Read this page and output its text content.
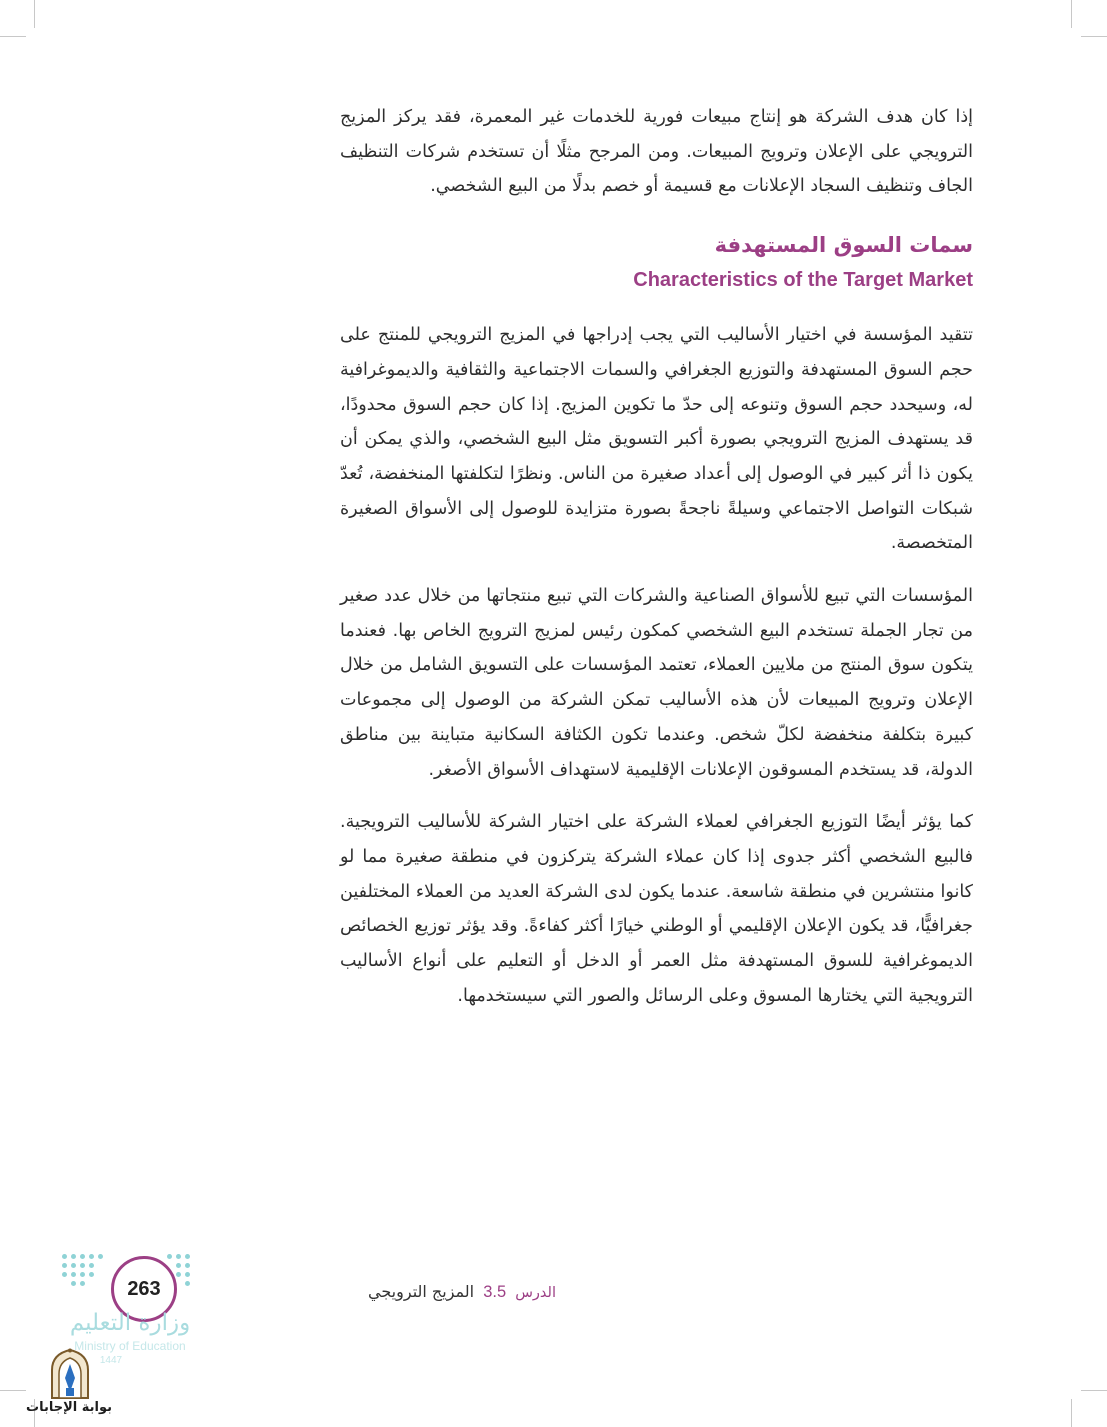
إذا كان هدف الشركة هو إنتاج مبيعات فورية للخدمات غير المعمرة، فقد يركز المزيج الترويجي على الإعلان وترويج المبيعات. ومن المرجح مثلًا أن تستخدم شركات التنظيف الجاف وتنظيف السجاد الإعلانات مع قسيمة أو خصم بدلًا من البيع الشخصي.

سمات السوق المستهدفة
Characteristics of the Target Market

تتقيد المؤسسة في اختيار الأساليب التي يجب إدراجها في المزيج الترويجي للمنتج على حجم السوق المستهدفة والتوزيع الجغرافي والسمات الاجتماعية والثقافية والديموغرافية له، وسيحدد حجم السوق وتنوعه إلى حدّ ما تكوين المزيج. إذا كان حجم السوق محدودًا، قد يستهدف المزيج الترويجي بصورة أكبر التسويق مثل البيع الشخصي، والذي يمكن أن يكون ذا أثر كبير في الوصول إلى أعداد صغيرة من الناس. ونظرًا لتكلفتها المنخفضة، تُعدّ شبكات التواصل الاجتماعي وسيلةً ناجحةً بصورة متزايدة للوصول إلى الأسواق الصغيرة المتخصصة.

المؤسسات التي تبيع للأسواق الصناعية والشركات التي تبيع منتجاتها من خلال عدد صغير من تجار الجملة تستخدم البيع الشخصي كمكون رئيس لمزيج الترويج الخاص بها. فعندما يتكون سوق المنتج من ملايين العملاء، تعتمد المؤسسات على التسويق الشامل من خلال الإعلان وترويج المبيعات لأن هذه الأساليب تمكن الشركة من الوصول إلى مجموعات كبيرة بتكلفة منخفضة لكلّ شخص. وعندما تكون الكثافة السكانية متباينة بين مناطق الدولة، قد يستخدم المسوقون الإعلانات الإقليمية لاستهداف الأسواق الأصغر.

كما يؤثر أيضًا التوزيع الجغرافي لعملاء الشركة على اختيار الشركة للأساليب الترويجية. فالبيع الشخصي أكثر جدوى إذا كان عملاء الشركة يتركزون في منطقة صغيرة مما لو كانوا منتشرين في منطقة شاسعة. عندما يكون لدى الشركة العديد من العملاء المختلفين جغرافيًّا، قد يكون الإعلان الإقليمي أو الوطني خيارًا أكثر كفاءةً. وقد يؤثر توزيع الخصائص الديموغرافية للسوق المستهدفة مثل العمر أو الدخل أو التعليم على أنواع الأساليب الترويجية التي يختارها المسوق وعلى الرسائل والصور التي سيستخدمها.

الدرس 3.5 المزيج الترويجي
263
وزارة التعليم
Ministry of Education
1447
بوابة الإجابات
